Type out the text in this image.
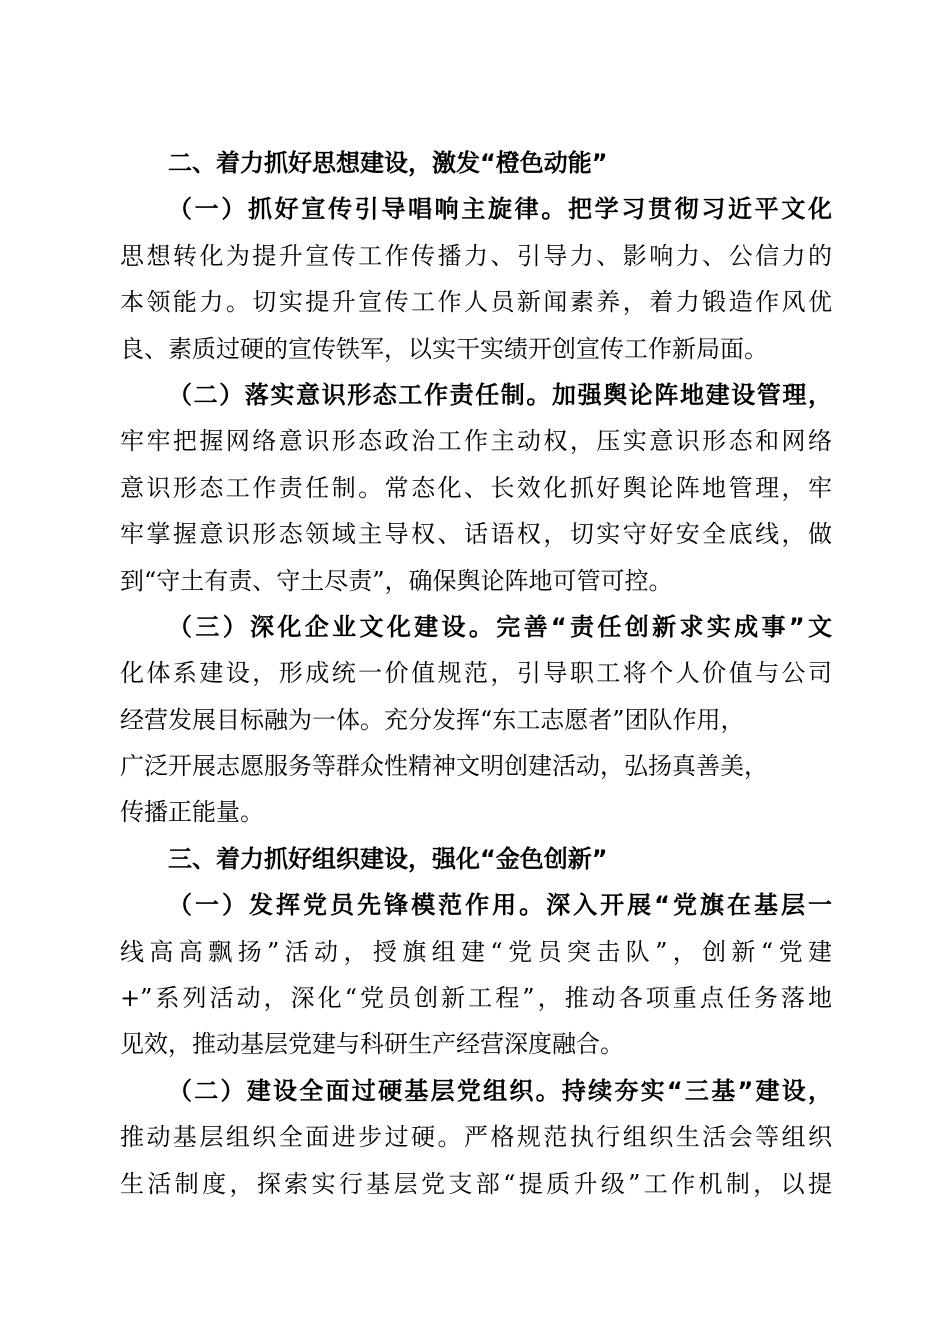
二、着力抓好思想建设，激发“橙色动能”
（一）抓好宣传引导唱响主旋律。把学习贯彻习近平文化
思想转化为提升宣传工作传播力、引导力、影响力、公信力的
本领能力。切实提升宣传工作人员新闻素养，着力锻造作风优
良、素质过硬的宣传铁军，以实干实绩开创宣传工作新局面。
（二）落实意识形态工作责任制。加强舆论阵地建设管理，
牢牢把握网络意识形态政治工作主动权，压实意识形态和网络
意识形态工作责任制。常态化、长效化抓好舆论阵地管理，牢
牢掌握意识形态领域主导权、话语权，切实守好安全底线，做
到“守土有责、守土尽责”，确保舆论阵地可管可控。
（三）深化企业文化建设。完善“责任创新求实成事”文
化体系建设，形成统一价值规范，引导职工将个人价值与公司
经营发展目标融为一体。充分发挥“东工志愿者”团队作用，
广泛开展志愿服务等群众性精神文明创建活动，弘扬真善美，
传播正能量。
三、着力抓好组织建设，强化“金色创新”
（一）发挥党员先锋模范作用。深入开展“党旗在基层一
线高高飘扬”活动，授旗组建“党员突击队”，创新“党建
+”系列活动，深化“党员创新工程”，推动各项重点任务落地
见效，推动基层党建与科研生产经营深度融合。
（二）建设全面过硬基层党组织。持续夯实“三基”建设，
推动基层组织全面进步过硬。严格规范执行组织生活会等组织
生活制度，探索实行基层党支部“提质升级”工作机制，以提
